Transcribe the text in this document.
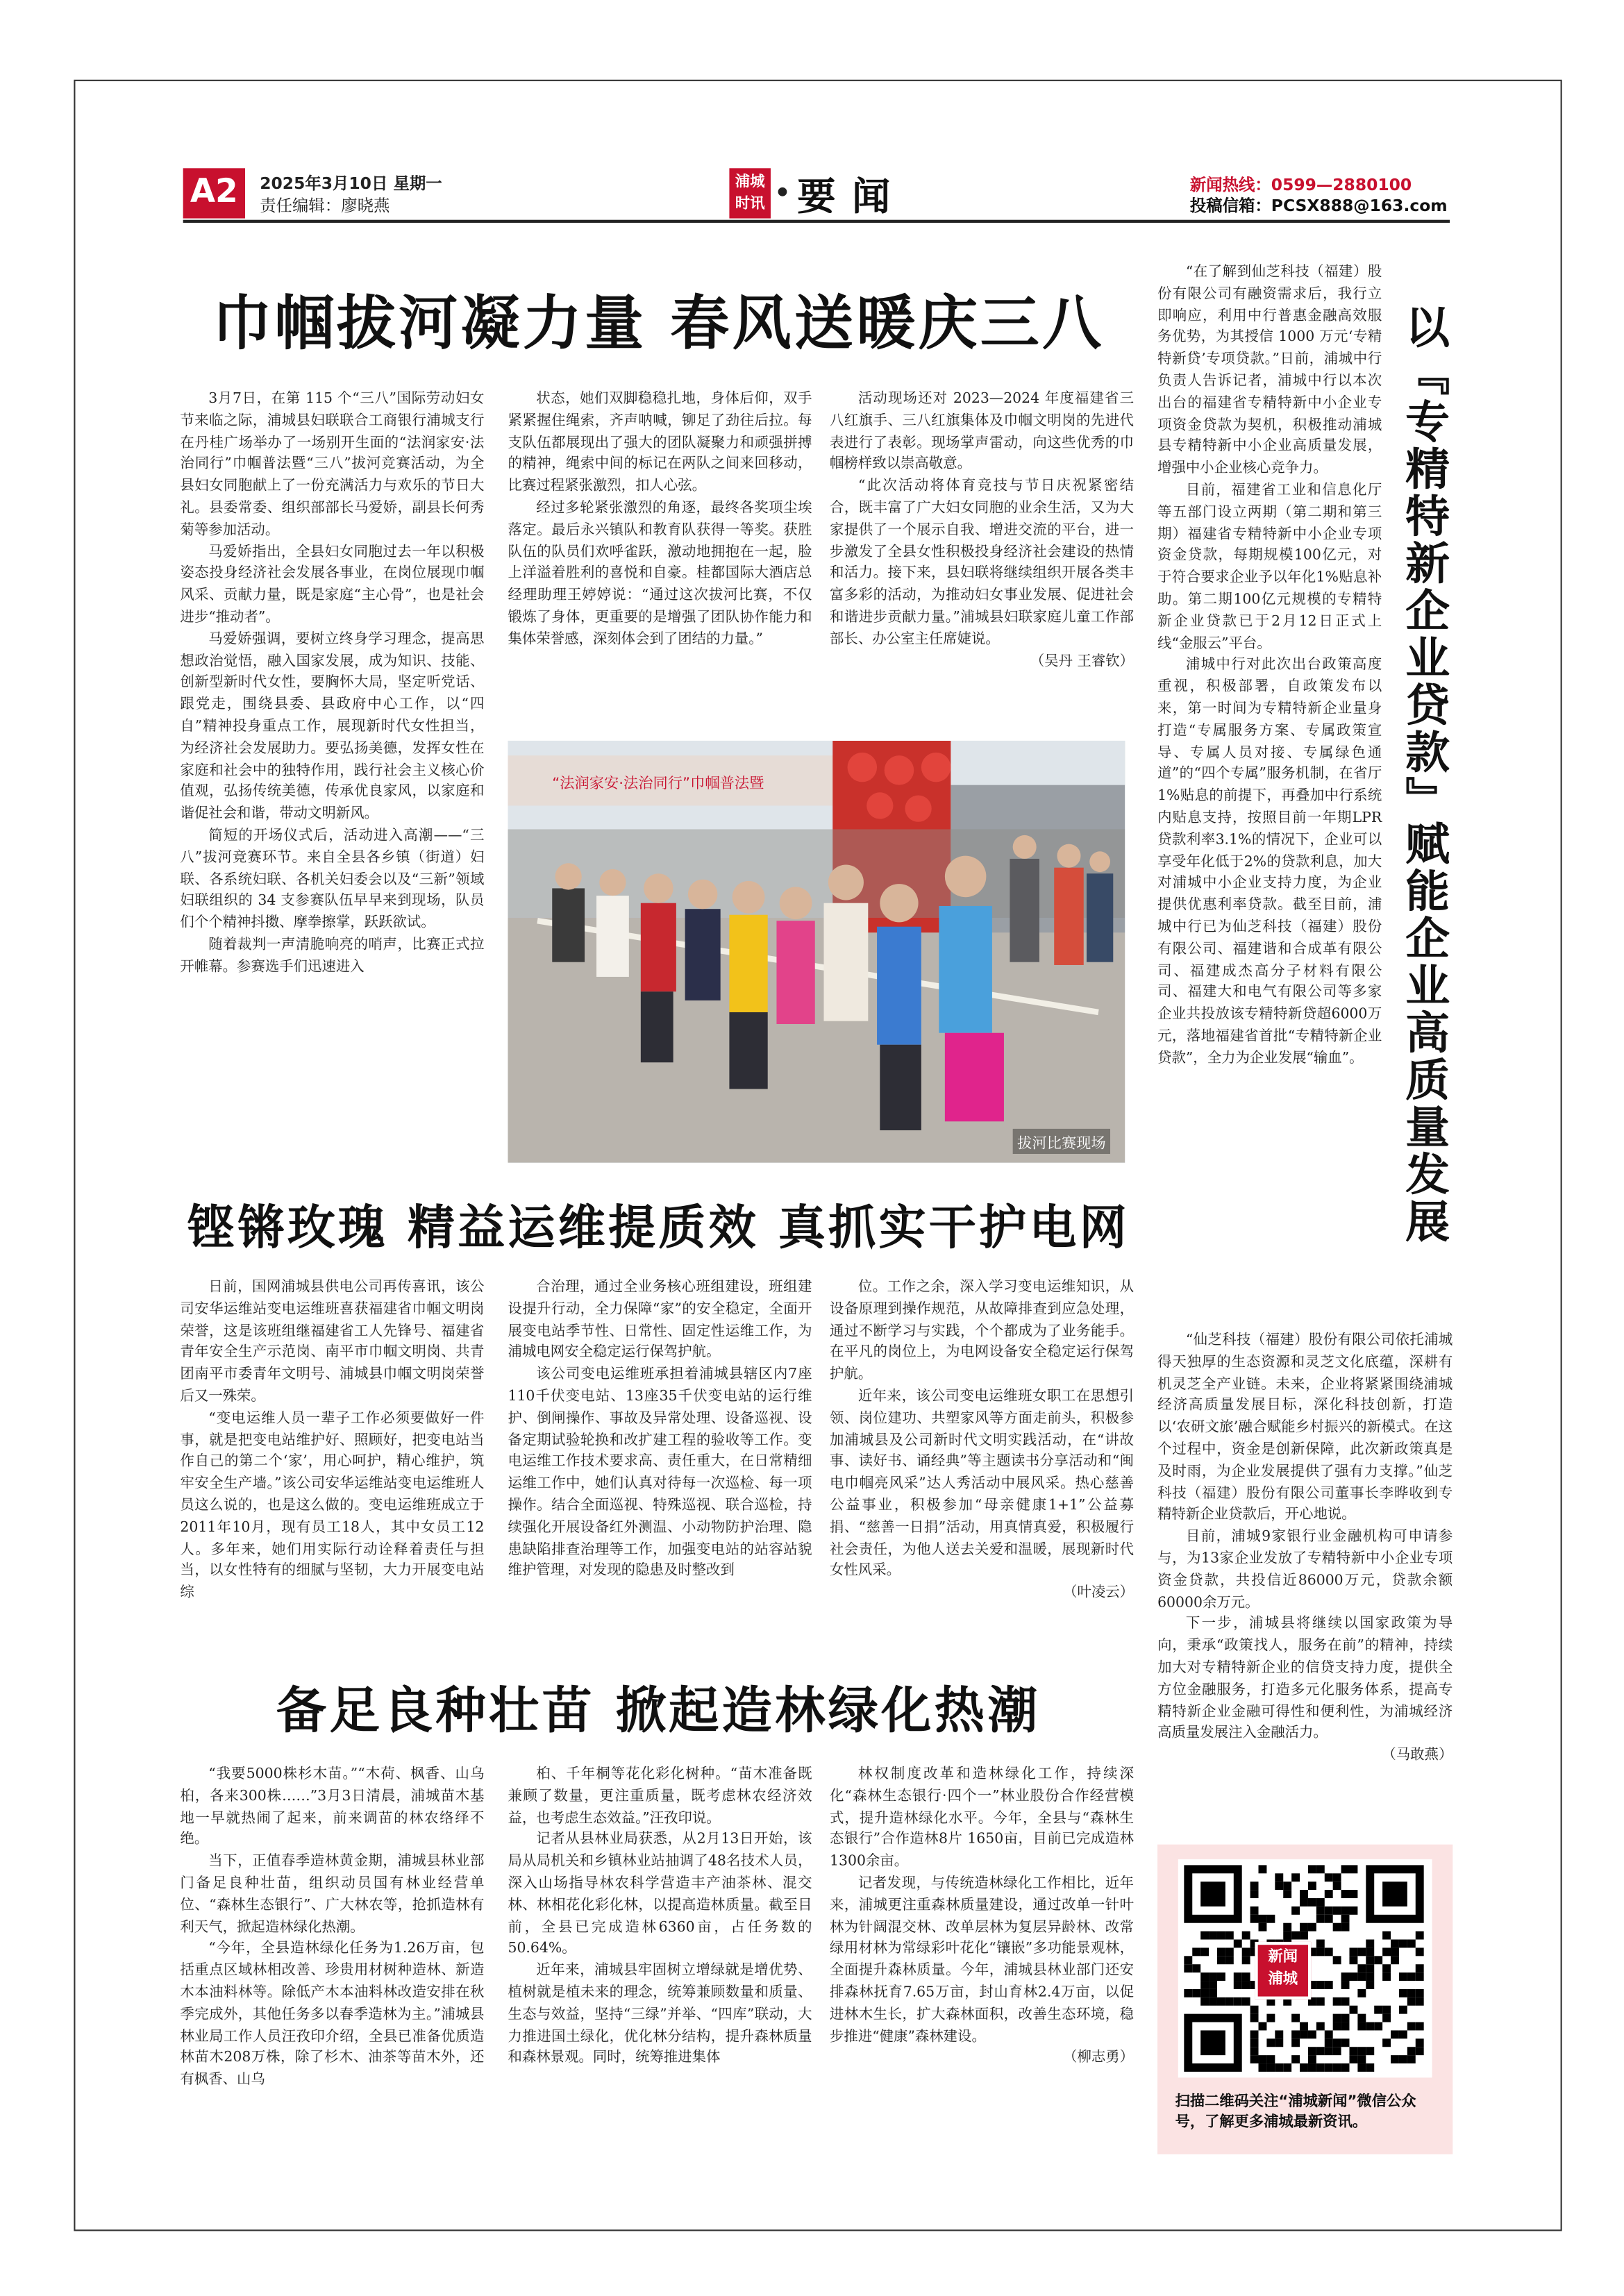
A2	2025年3月10日 星期一
责任编辑：廖晓燕
浦城
时讯	要 闻	新闻热线：0599—2880100
投稿信箱：PCSX888@163.com
巾帼拔河凝力量 春风送暖庆三八

3月7日，在第 115 个“三八”国际劳动妇女节来临之际，浦城县妇联联合工商银行浦城支行在丹桂广场举办了一场别开生面的“法润家安·法治同行”巾帼普法暨“三八”拔河竞赛活动，为全县妇女同胞献上了一份充满活力与欢乐的节日大礼。县委常委、组织部部长马爱娇，副县长何秀菊等参加活动。

马爱娇指出，全县妇女同胞过去一年以积极姿态投身经济社会发展各事业，在岗位展现巾帼风采、贡献力量，既是家庭“主心骨”，也是社会进步“推动者”。

马爱娇强调，要树立终身学习理念，提高思想政治觉悟，融入国家发展，成为知识、技能、创新型新时代女性，要胸怀大局，坚定听党话、跟党走，围绕县委、县政府中心工作，以“四自”精神投身重点工作，展现新时代女性担当，为经济社会发展助力。要弘扬美德，发挥女性在家庭和社会中的独特作用，践行社会主义核心价值观，弘扬传统美德，传承优良家风，以家庭和谐促社会和谐，带动文明新风。

简短的开场仪式后，活动进入高潮——“三八”拔河竞赛环节。来自全县各乡镇（街道）妇联、各系统妇联、各机关妇委会以及“三新”领域妇联组织的 34 支参赛队伍早早来到现场，队员们个个精神抖擞、摩拳擦掌，跃跃欲试。

随着裁判一声清脆响亮的哨声，比赛正式拉开帷幕。参赛选手们迅速进入

状态，她们双脚稳稳扎地，身体后仰，双手紧紧握住绳索，齐声呐喊，铆足了劲往后拉。每支队伍都展现出了强大的团队凝聚力和顽强拼搏的精神，绳索中间的标记在两队之间来回移动，比赛过程紧张激烈，扣人心弦。

经过多轮紧张激烈的角逐，最终各奖项尘埃落定。最后永兴镇队和教育队获得一等奖。获胜队伍的队员们欢呼雀跃，激动地拥抱在一起，脸上洋溢着胜利的喜悦和自豪。桂都国际大酒店总经理助理王婷婷说：“通过这次拔河比赛，不仅锻炼了身体，更重要的是增强了团队协作能力和集体荣誉感，深刻体会到了团结的力量。”

活动现场还对 2023—2024 年度福建省三八红旗手、三八红旗集体及巾帼文明岗的先进代表进行了表彰。现场掌声雷动，向这些优秀的巾帼榜样致以崇高敬意。

“此次活动将体育竞技与节日庆祝紧密结合，既丰富了广大妇女同胞的业余生活，又为大家提供了一个展示自我、增进交流的平台，进一步激发了全县女性积极投身经济社会建设的热情和活力。接下来，县妇联将继续组织开展各类丰富多彩的活动，为推动妇女事业发展、促进社会和谐进步贡献力量。”浦城县妇联家庭儿童工作部部长、办公室主任席婕说。

（吴丹 王睿钦）
“法润家安·法治同行”巾帼普法暨
拔河比赛现场
铿锵玫瑰 精益运维提质效 真抓实干护电网

日前，国网浦城县供电公司再传喜讯，该公司安华运维站变电运维班喜获福建省巾帼文明岗荣誉，这是该班组继福建省工人先锋号、福建省青年安全生产示范岗、南平市巾帼文明岗、共青团南平市委青年文明号、浦城县巾帼文明岗荣誉后又一殊荣。

“变电运维人员一辈子工作必须要做好一件事，就是把变电站维护好、照顾好，把变电站当作自己的第二个‘家’，用心呵护，精心维护，筑牢安全生产墙。”该公司安华运维站变电运维班人员这么说的，也是这么做的。变电运维班成立于2011年10月，现有员工18人，其中女员工12人。多年来，她们用实际行动诠释着责任与担当，以女性特有的细腻与坚韧，大力开展变电站综

合治理，通过全业务核心班组建设，班组建设提升行动，全力保障“家”的安全稳定，全面开展变电站季节性、日常性、固定性运维工作，为浦城电网安全稳定运行保驾护航。

该公司变电运维班承担着浦城县辖区内7座110千伏变电站、13座35千伏变电站的运行维护、倒闸操作、事故及异常处理、设备巡视、设备定期试验轮换和改扩建工程的验收等工作。变电运维工作技术要求高、责任重大，在日常精细运维工作中，她们认真对待每一次巡检、每一项操作。结合全面巡视、特殊巡视、联合巡检，持续强化开展设备红外测温、小动物防护治理、隐患缺陷排查治理等工作，加强变电站的站容站貌维护管理，对发现的隐患及时整改到

位。工作之余，深入学习变电运维知识，从设备原理到操作规范，从故障排查到应急处理，通过不断学习与实践，个个都成为了业务能手。在平凡的岗位上，为电网设备安全稳定运行保驾护航。

近年来，该公司变电运维班女职工在思想引领、岗位建功、共塑家风等方面走前头，积极参加浦城县及公司新时代文明实践活动，在“讲故事、读好书、诵经典”等主题读书分享活动和“闽电巾帼亮风采”达人秀活动中展风采。热心慈善公益事业，积极参加“母亲健康1+1”公益募捐、“慈善一日捐”活动，用真情真爱，积极履行社会责任，为他人送去关爱和温暖，展现新时代女性风采。

（叶凌云）
备足良种壮苗 掀起造林绿化热潮

“我要5000株杉木苗。”“木荷、枫香、山乌桕，各来300株……”3月3日清晨，浦城苗木基地一早就热闹了起来，前来调苗的林农络绎不绝。

当下，正值春季造林黄金期，浦城县林业部门备足良种壮苗，组织动员国有林业经营单位、“森林生态银行”、广大林农等，抢抓造林有利天气，掀起造林绿化热潮。

“今年，全县造林绿化任务为1.26万亩，包括重点区域林相改善、珍贵用材树种造林、新造木本油料林等。除低产木本油料林改造安排在秋季完成外，其他任务多以春季造林为主。”浦城县林业局工作人员汪孜印介绍，全县已准备优质造林苗木208万株，除了杉木、油茶等苗木外，还有枫香、山乌

桕、千年桐等花化彩化树种。“苗木准备既兼顾了数量，更注重质量，既考虑林农经济效益，也考虑生态效益。”汪孜印说。

记者从县林业局获悉，从2月13日开始，该局从局机关和乡镇林业站抽调了48名技术人员，深入山场指导林农科学营造丰产油茶林、混交林、林相花化彩化林，以提高造林质量。截至目前，全县已完成造林6360亩，占任务数的50.64%。

近年来，浦城县牢固树立增绿就是增优势、植树就是植未来的理念，统筹兼顾数量和质量、生态与效益，坚持“三绿”并举、“四库”联动，大力推进国土绿化，优化林分结构，提升森林质量和森林景观。同时，统筹推进集体

林权制度改革和造林绿化工作，持续深化“森林生态银行·四个一”林业股份合作经营模式，提升造林绿化水平。今年，全县与“森林生态银行”合作造林8片 1650亩，目前已完成造林 1300余亩。

记者发现，与传统造林绿化工作相比，近年来，浦城更注重森林质量建设，通过改单一针叶林为针阔混交林、改单层林为复层异龄林、改常绿用材林为常绿彩叶花化“镶嵌”多功能景观林，全面提升森林质量。今年，浦城县林业部门还安排森林抚育7.65万亩，封山育林2.4万亩，以促进林木生长，扩大森林面积，改善生态环境，稳步推进“健康”森林建设。

（柳志勇）

“在了解到仙芝科技（福建）股份有限公司有融资需求后，我行立即响应，利用中行普惠金融高效服务优势，为其授信 1000 万元‘专精特新贷’专项贷款。”日前，浦城中行负责人告诉记者，浦城中行以本次出台的福建省专精特新中小企业专项资金贷款为契机，积极推动浦城县专精特新中小企业高质量发展，增强中小企业核心竞争力。

目前，福建省工业和信息化厅等五部门设立两期（第二期和第三期）福建省专精特新中小企业专项资金贷款，每期规模100亿元，对于符合要求企业予以年化1%贴息补助。第二期100亿元规模的专精特新企业贷款已于2月12日正式上线“金服云”平台。

浦城中行对此次出台政策高度重视，积极部署，自政策发布以来，第一时间为专精特新企业量身打造“专属服务方案、专属政策宣导、专属人员对接、专属绿色通道”的“四个专属”服务机制，在省厅1%贴息的前提下，再叠加中行系统内贴息支持，按照目前一年期LPR贷款利率3.1%的情况下，企业可以享受年化低于2%的贷款利息，加大对浦城中小企业支持力度，为企业提供优惠利率贷款。截至目前，浦城中行已为仙芝科技（福建）股份有限公司、福建谐和合成革有限公司、福建成杰高分子材料有限公司、福建大和电气有限公司等多家企业共投放该专精特新贷超6000万元，落地福建省首批“专精特新企业贷款”，全力为企业发展“输血”。

以『专精特新企业贷款』
赋能企业高质量发展

“仙芝科技（福建）股份有限公司依托浦城得天独厚的生态资源和灵芝文化底蕴，深耕有机灵芝全产业链。未来，企业将紧紧围绕浦城经济高质量发展目标，深化科技创新，打造以‘农研文旅’融合赋能乡村振兴的新模式。在这个过程中，资金是创新保障，此次新政策真是及时雨，为企业发展提供了强有力支撑。”仙芝科技（福建）股份有限公司董事长李晔收到专精特新企业贷款后，开心地说。

目前，浦城9家银行业金融机构可申请参与，为13家企业发放了专精特新中小企业专项资金贷款，共投信近86000万元，贷款余额60000余万元。

下一步，浦城县将继续以国家政策为导向，秉承“政策找人，服务在前”的精神，持续加大对专精特新企业的信贷支持力度，提供全方位金融服务，打造多元化服务体系，提高专精特新企业金融可得性和便利性，为浦城经济高质量发展注入金融活力。

（马敢燕）
新闻
浦城
扫描二维码关注“浦城新闻”微信公众号，了解更多浦城最新资讯。
